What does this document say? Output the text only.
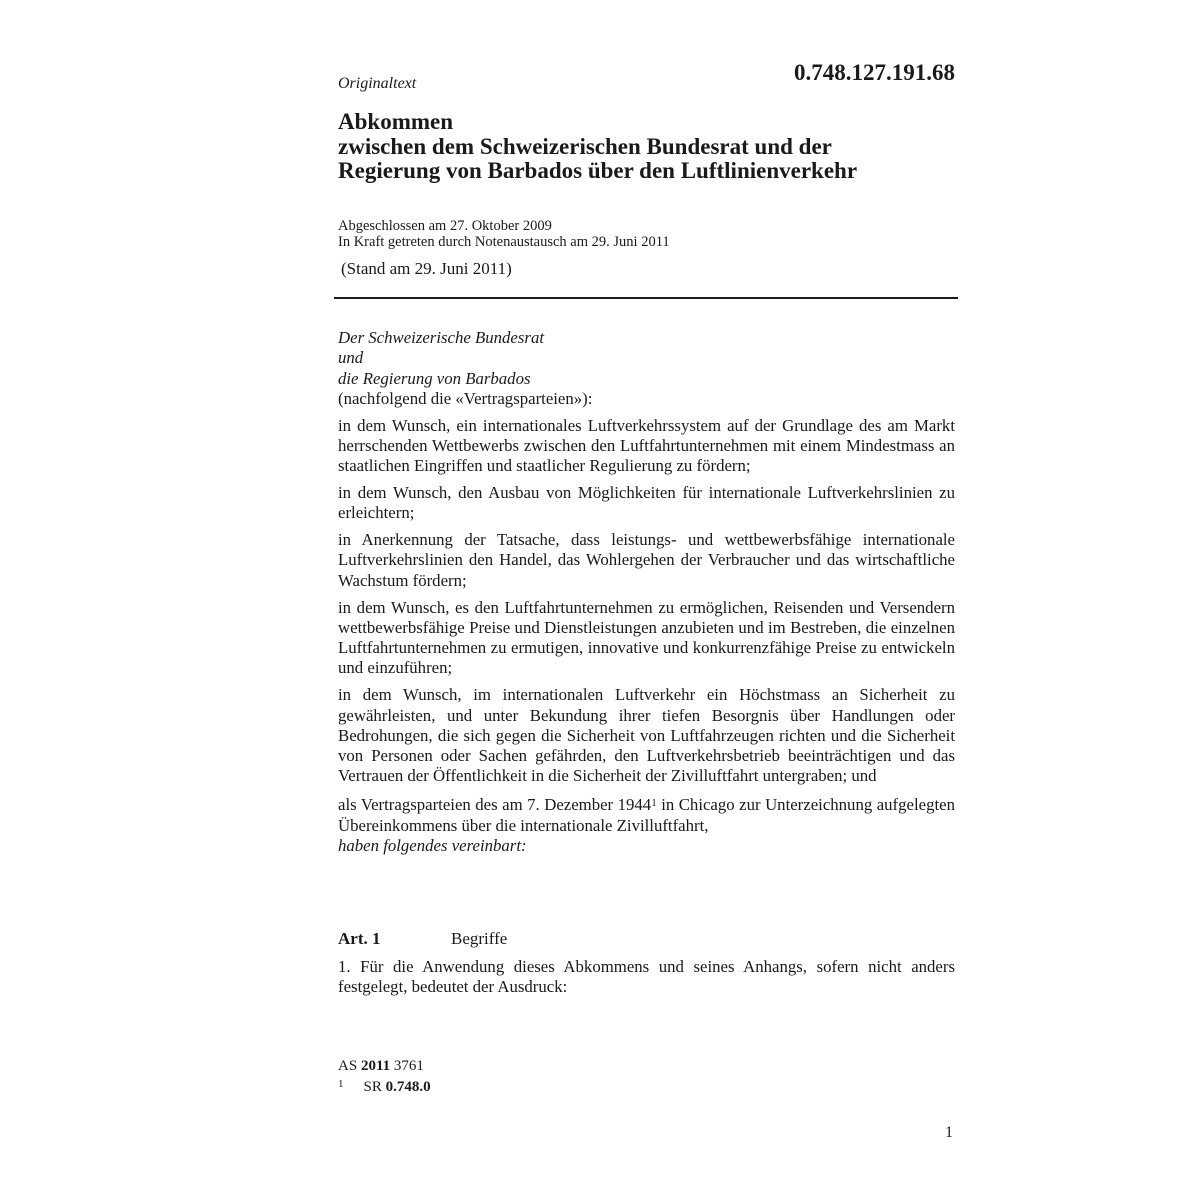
Originaltext	0.748.127.191.68
Abkommen
zwischen dem Schweizerischen Bundesrat und der
Regierung von Barbados über den Luftlinienverkehr
Abgeschlossen am 27. Oktober 2009
In Kraft getreten durch Notenaustausch am 29. Juni 2011
(Stand am 29. Juni 2011)
Der Schweizerische Bundesrat
und
die Regierung von Barbados

(nachfolgend die «Vertragsparteien»):

in dem Wunsch, ein internationales Luftverkehrssystem auf der Grundlage des am Markt herrschenden Wettbewerbs zwischen den Luftfahrtunternehmen mit einem Mindestmass an staatlichen Eingriffen und staatlicher Regulierung zu fördern;

in dem Wunsch, den Ausbau von Möglichkeiten für internationale Luftverkehrslinien zu erleichtern;

in Anerkennung der Tatsache, dass leistungs- und wettbewerbsfähige internationale Luftverkehrslinien den Handel, das Wohlergehen der Verbraucher und das wirtschaftliche Wachstum fördern;

in dem Wunsch, es den Luftfahrtunternehmen zu ermöglichen, Reisenden und Versendern wettbewerbsfähige Preise und Dienstleistungen anzubieten und im Bestreben, die einzelnen Luftfahrtunternehmen zu ermutigen, innovative und konkurrenzfähige Preise zu entwickeln und einzuführen;

in dem Wunsch, im internationalen Luftverkehr ein Höchstmass an Sicherheit zu gewährleisten, und unter Bekundung ihrer tiefen Besorgnis über Handlungen oder Bedrohungen, die sich gegen die Sicherheit von Luftfahrzeugen richten und die Sicherheit von Personen oder Sachen gefährden, den Luftverkehrsbetrieb beeinträchtigen und das Vertrauen der Öffentlichkeit in die Sicherheit der Zivilluftfahrt untergraben; und

als Vertragsparteien des am 7. Dezember 1944$^1$ in Chicago zur Unterzeichnung aufgelegten Übereinkommens über die internationale Zivilluftfahrt,

haben folgendes vereinbart:
Art. 1	Begriffe
1. Für die Anwendung dieses Abkommens und seines Anhangs, sofern nicht anders festgelegt, bedeutet der Ausdruck:
AS 2011 3761
$^1$ SR 0.748.0
1
